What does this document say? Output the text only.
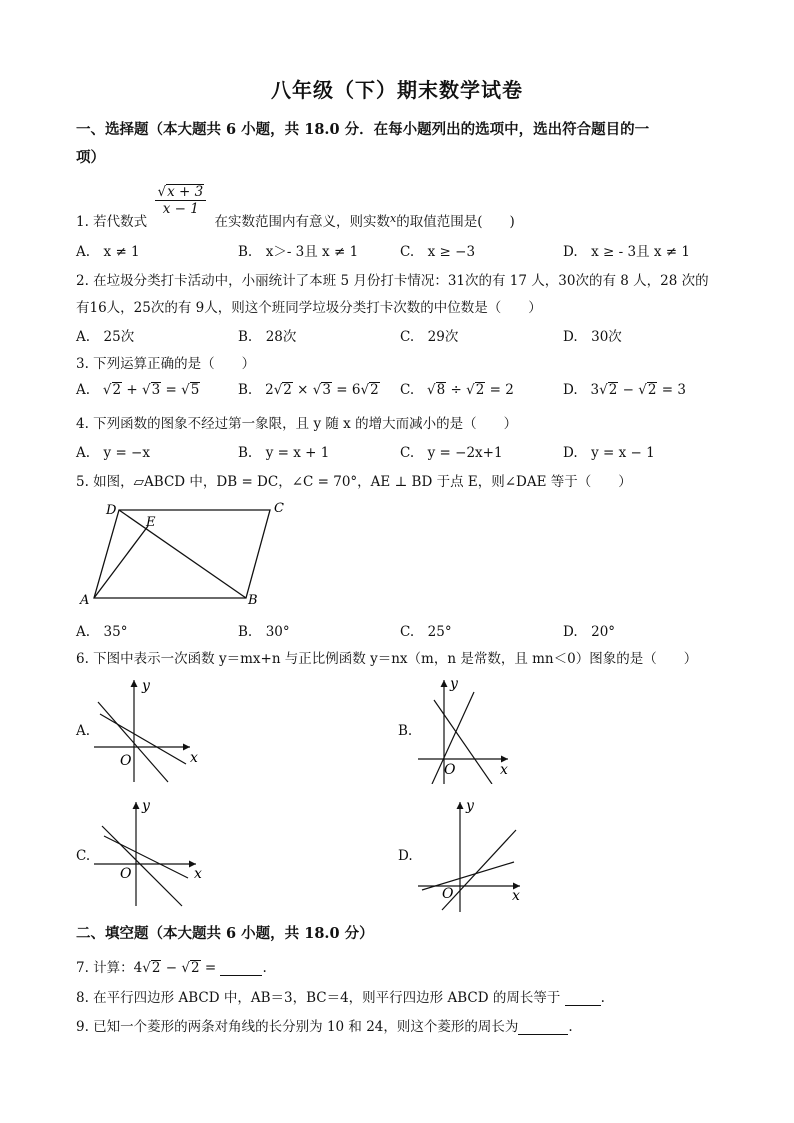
八年级（下）期末数学试卷
一、选择题（本大题共 6 小题，共 18.0 分．在每小题列出的选项中，选出符合题目的一
项）
1. 若代数式
$\frac{√x + 3}{x - 1}$
在实数范围内有意义，则实数$_x$的取值范围是(　　)
A.　x ≠ 1	B.　x＞- 3且 x ≠ 1	C.　x ≥ −3	D.　x ≥ - 3且 x ≠ 1
2. 在垃圾分类打卡活动中，小丽统计了本班 5 月份打卡情况：31次的有 17 人，30次的有 8 人，28 次的
有16人，25次的有 9人，则这个班同学垃圾分类打卡次数的中位数是（　　）
A.　25次	B.　28次	C.　29次	D.　30次
3. 下列运算正确的是（　　）
A.   √2 + √3 = √5	B. 2√2 × √3 = 6√2 C.   √8 ÷ √2 = 2	D. 3√2 − √2 = 3
4. 下列函数的图象不经过第一象限，且 y 随 x 的增大而减小的是（　　）
A.　y = −x	B.　y = x + 1	C.　y = −2x+1	D.　y = x − 1
5. 如图，▱ABCD 中，DB = DC，∠C = 70°，AE ⊥ BD 于点 E，则∠DAE 等于（　　）
D	C
E
A	B
A.　35°	B.　30°	C.　25°	D.　20°
6. 下图中表示一次函数 y＝mx+n 与正比例函数 y＝nx（m，n 是常数，且 mn＜0）图象的是（　　）
A.
x
y
O
B.
x
y
O
C.
x
y
O
D.
x
y
O
二、填空题（本大题共 6 小题，共 18.0 分）
7. 计算：4√2 − √2 =	.
8. 在平行四边形 ABCD 中，AB＝3，BC＝4，则平行四边形 ABCD 的周长等于	.
9. 已知一个菱形的两条对角线的长分别为 10 和 24，则这个菱形的周长为	.
